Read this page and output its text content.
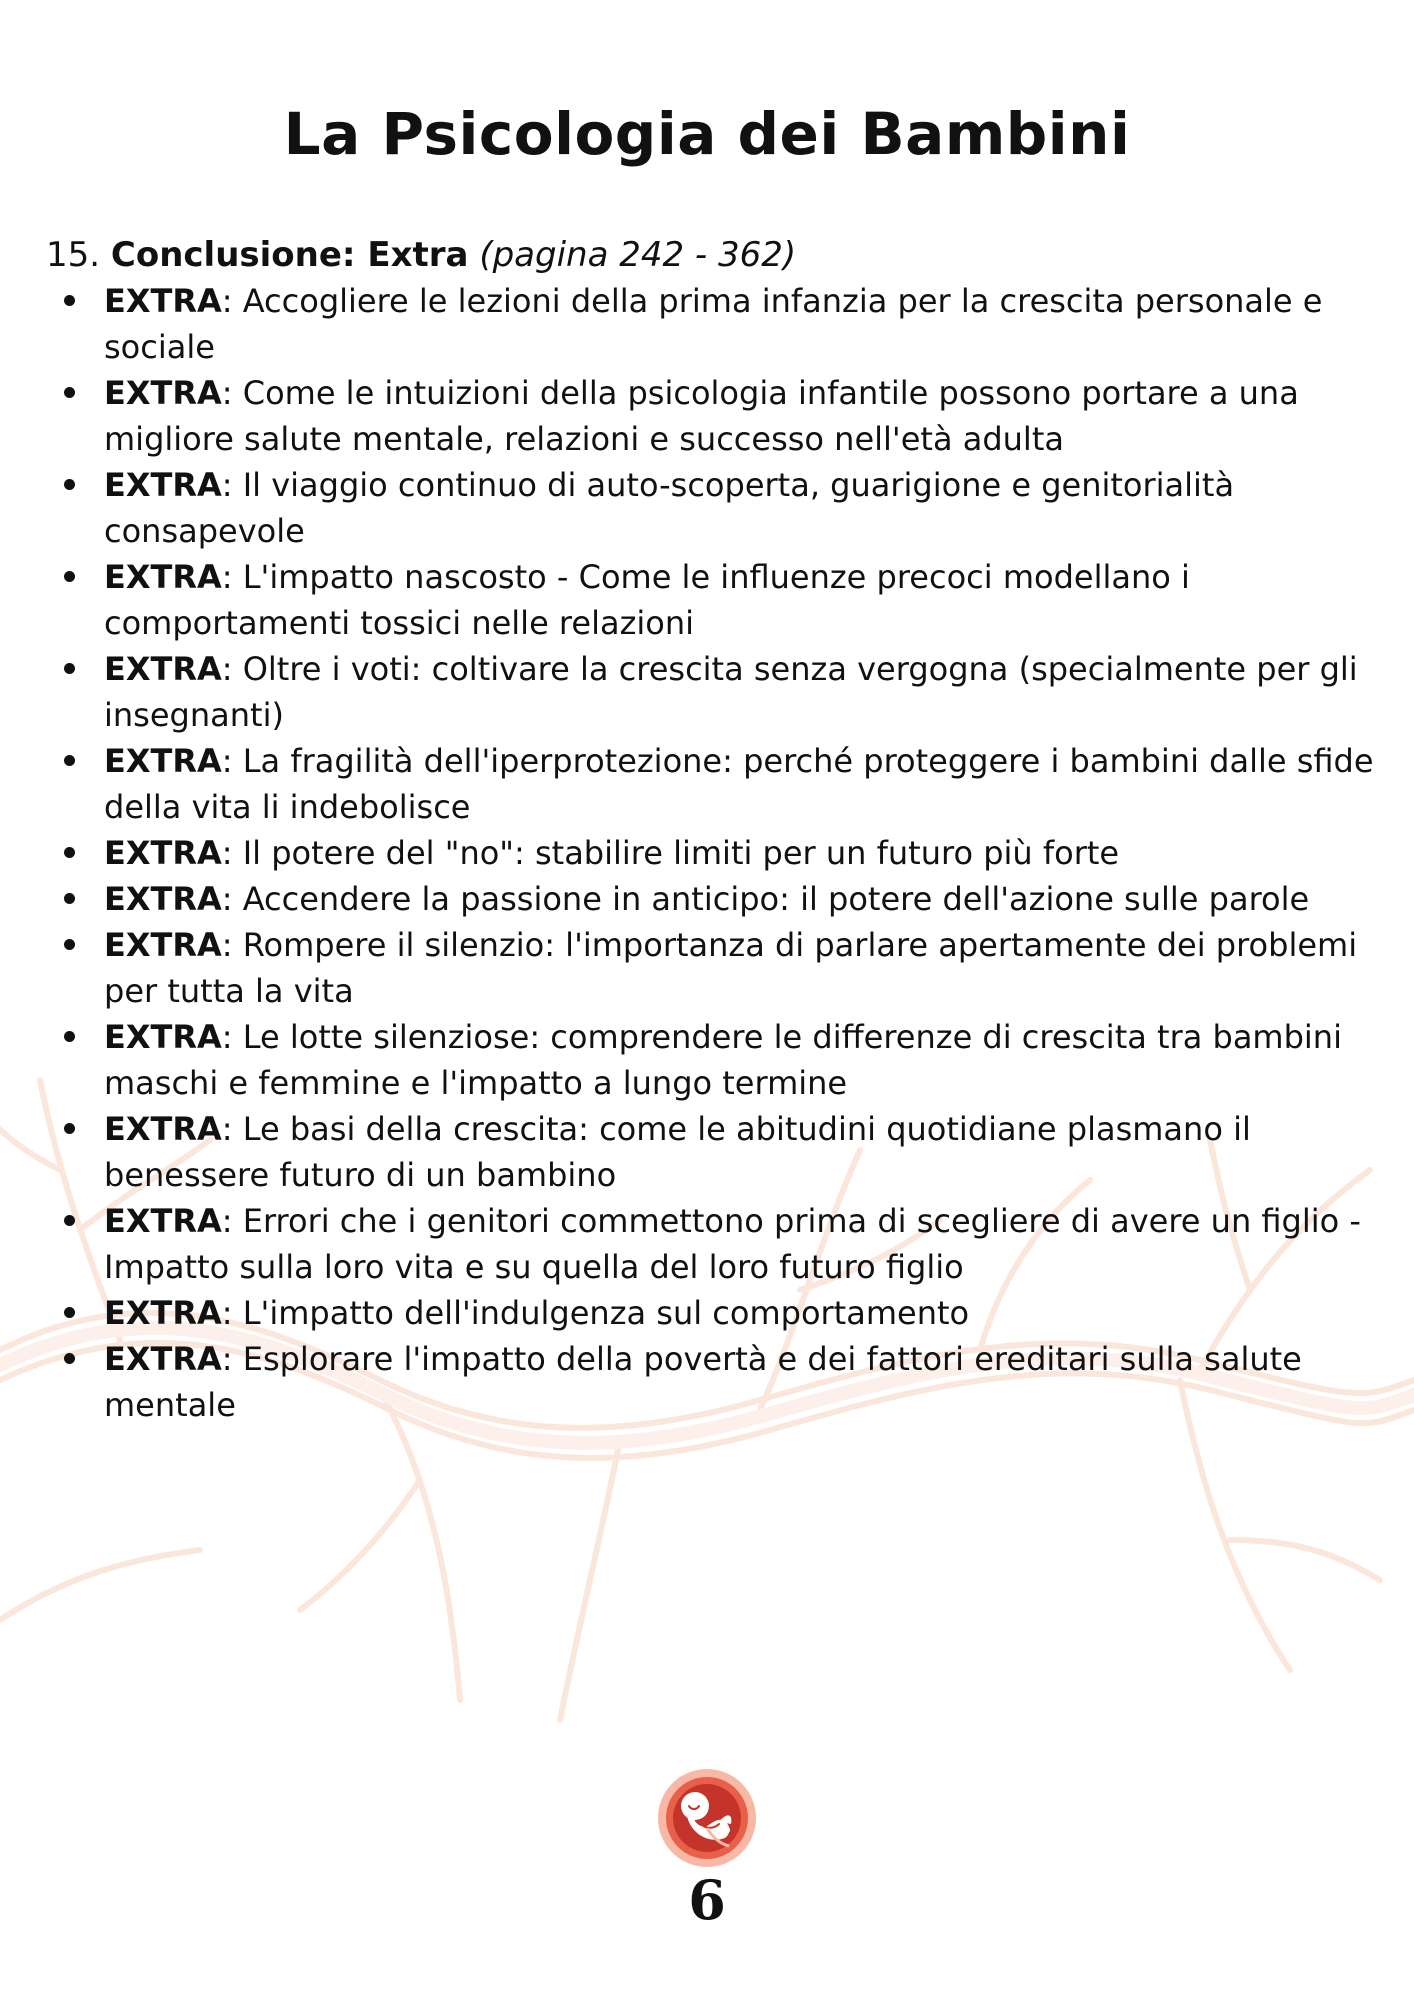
La Psicologia dei Bambini

15. Conclusione: Extra (pagina 242 - 362)

EXTRA: Accogliere le lezioni della prima infanzia per la crescita personale e sociale
EXTRA: Come le intuizioni della psicologia infantile possono portare a una migliore salute mentale, relazioni e successo nell'età adulta
EXTRA: Il viaggio continuo di auto-scoperta, guarigione e genitorialità consapevole
EXTRA: L'impatto nascosto - Come le influenze precoci modellano i comportamenti tossici nelle relazioni
EXTRA: Oltre i voti: coltivare la crescita senza vergogna (specialmente per gli insegnanti)
EXTRA: La fragilità dell'iperprotezione: perché proteggere i bambini dalle sfide della vita li indebolisce
EXTRA: Il potere del "no": stabilire limiti per un futuro più forte
EXTRA: Accendere la passione in anticipo: il potere dell'azione sulle parole
EXTRA: Rompere il silenzio: l'importanza di parlare apertamente dei problemi per tutta la vita
EXTRA: Le lotte silenziose: comprendere le differenze di crescita tra bambini maschi e femmine e l'impatto a lungo termine
EXTRA: Le basi della crescita: come le abitudini quotidiane plasmano il benessere futuro di un bambino
EXTRA: Errori che i genitori commettono prima di scegliere di avere un figlio - Impatto sulla loro vita e su quella del loro futuro figlio
EXTRA: L'impatto dell'indulgenza sul comportamento
EXTRA: Esplorare l'impatto della povertà e dei fattori ereditari sulla salute mentale
6
